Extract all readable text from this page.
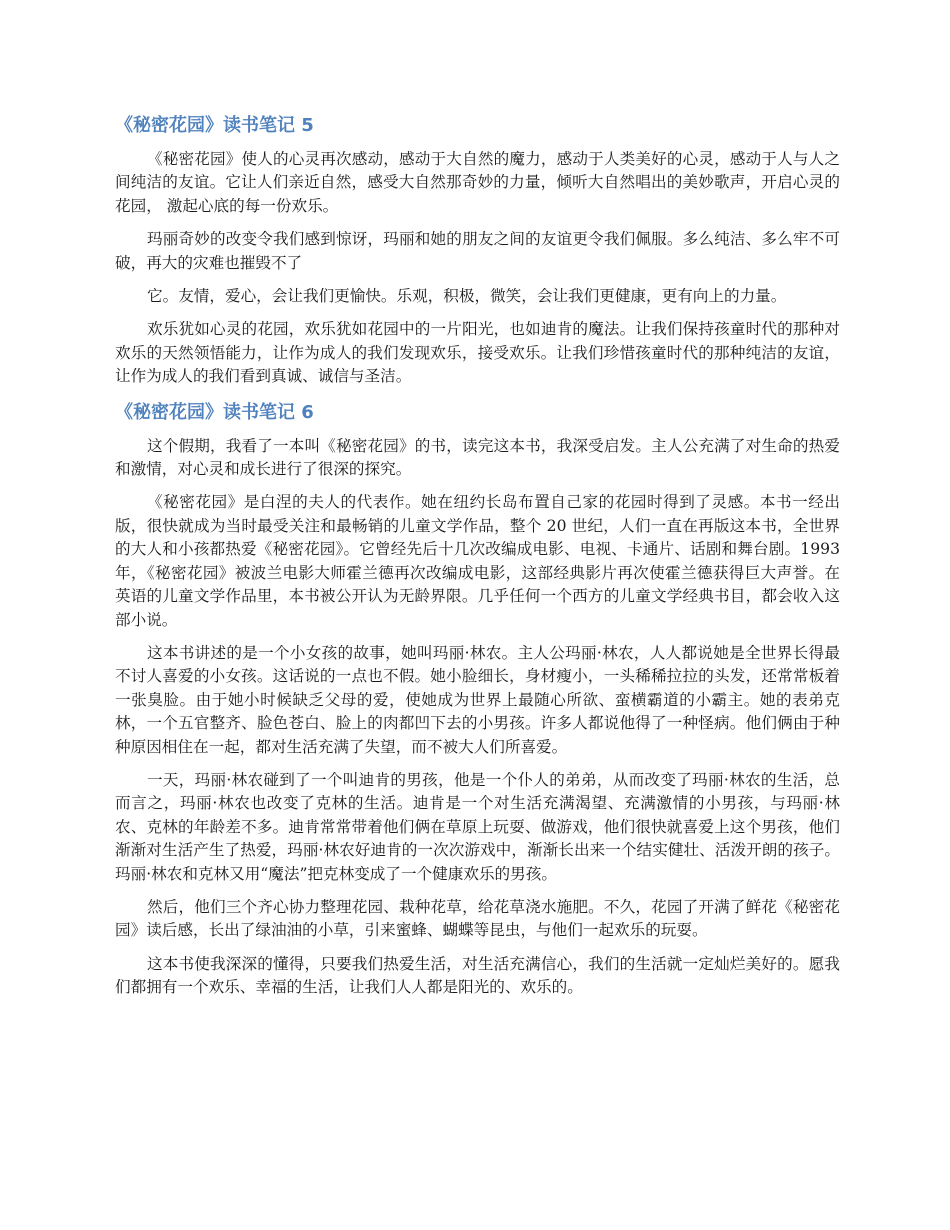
《秘密花园》读书笔记 5

《秘密花园》使人的心灵再次感动，感动于大自然的魔力，感动于人类美好的心灵，感动于人与人之间纯洁的友谊。它让人们亲近自然，感受大自然那奇妙的力量，倾听大自然唱出的美妙歌声，开启心灵的花园， 激起心底的每一份欢乐。

玛丽奇妙的改变令我们感到惊讶，玛丽和她的朋友之间的友谊更令我们佩服。多么纯洁、多么牢不可破，再大的灾难也摧毁不了

它。友情，爱心，会让我们更愉快。乐观，积极，微笑，会让我们更健康，更有向上的力量。

欢乐犹如心灵的花园，欢乐犹如花园中的一片阳光，也如迪肯的魔法。让我们保持孩童时代的那种对欢乐的天然领悟能力，让作为成人的我们发现欢乐，接受欢乐。让我们珍惜孩童时代的那种纯洁的友谊，让作为成人的我们看到真诚、诚信与圣洁。

《秘密花园》读书笔记 6

这个假期，我看了一本叫《秘密花园》的书，读完这本书，我深受启发。主人公充满了对生命的热爱和激情，对心灵和成长进行了很深的探究。

《秘密花园》是白涅的夫人的代表作。她在纽约长岛布置自己家的花园时得到了灵感。本书一经出版，很快就成为当时最受关注和最畅销的儿童文学作品，整个 20 世纪，人们一直在再版这本书，全世界的大人和小孩都热爱《秘密花园》。它曾经先后十几次改编成电影、电视、卡通片、话剧和舞台剧。1993 年，《秘密花园》被波兰电影大师霍兰德再次改编成电影，这部经典影片再次使霍兰德获得巨大声誉。在英语的儿童文学作品里，本书被公开认为无龄界限。几乎任何一个西方的儿童文学经典书目，都会收入这部小说。

这本书讲述的是一个小女孩的故事，她叫玛丽·林农。主人公玛丽·林农，人人都说她是全世界长得最不讨人喜爱的小女孩。这话说的一点也不假。她小脸细长，身材瘦小，一头稀稀拉拉的头发，还常常板着一张臭脸。由于她小时候缺乏父母的爱，使她成为世界上最随心所欲、蛮横霸道的小霸主。她的表弟克林，一个五官整齐、脸色苍白、脸上的肉都凹下去的小男孩。许多人都说他得了一种怪病。他们俩由于种种原因相住在一起，都对生活充满了失望，而不被大人们所喜爱。

一天，玛丽·林农碰到了一个叫迪肯的男孩，他是一个仆人的弟弟，从而改变了玛丽·林农的生活，总而言之，玛丽·林农也改变了克林的生活。迪肯是一个对生活充满渴望、充满激情的小男孩，与玛丽·林农、克林的年龄差不多。迪肯常常带着他们俩在草原上玩耍、做游戏，他们很快就喜爱上这个男孩，他们渐渐对生活产生了热爱，玛丽·林农好迪肯的一次次游戏中，渐渐长出来一个结实健壮、活泼开朗的孩子。玛丽·林农和克林又用“魔法”把克林变成了一个健康欢乐的男孩。

然后，他们三个齐心协力整理花园、栽种花草，给花草浇水施肥。不久，花园了开满了鲜花《秘密花园》读后感，长出了绿油油的小草，引来蜜蜂、蝴蝶等昆虫，与他们一起欢乐的玩耍。

这本书使我深深的懂得，只要我们热爱生活，对生活充满信心，我们的生活就一定灿烂美好的。愿我们都拥有一个欢乐、幸福的生活，让我们人人都是阳光的、欢乐的。
